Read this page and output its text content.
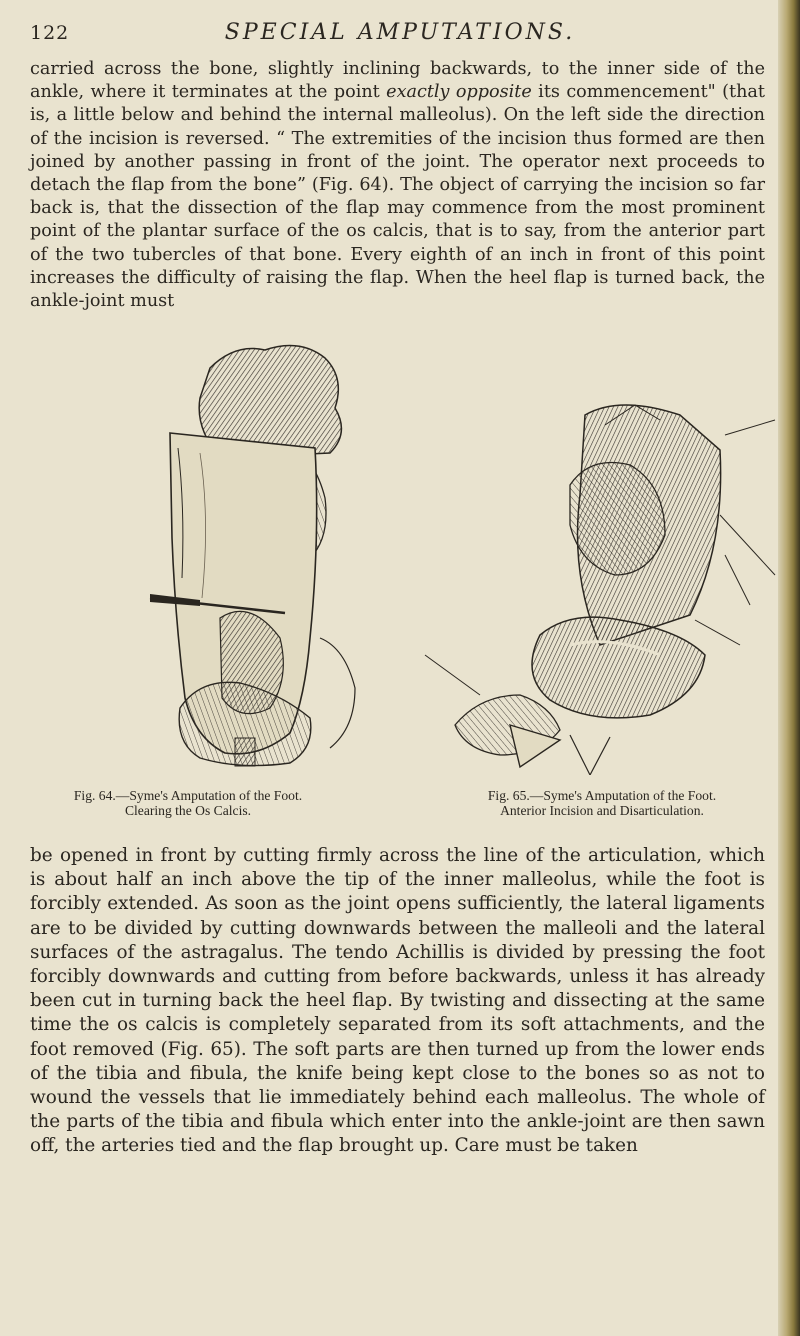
122	SPECIAL AMPUTATIONS.

carried across the bone, slightly inclining backwards, to the inner side of the ankle, where it terminates at the point exactly opposite its commencement" (that is, a little below and behind the internal malleolus). On the left side the direction of the incision is reversed. “ The extremities of the incision thus formed are then joined by another passing in front of the joint. The operator next proceeds to detach the flap from the bone” (Fig. 64). The object of carrying the incision so far back is, that the dissection of the flap may commence from the most prominent point of the plantar surface of the os calcis, that is to say, from the anterior part of the two tubercles of that bone. Every eighth of an inch in front of this point increases the difficulty of raising the flap. When the heel flap is turned back, the ankle-joint must

Fig. 64.—Syme's Amputation of the Foot.
Clearing the Os Calcis.
Fig. 65.—Syme's Amputation of the Foot.
Anterior Incision and Disarticulation.

be opened in front by cutting firmly across the line of the articulation, which is about half an inch above the tip of the inner malleolus, while the foot is forcibly extended. As soon as the joint opens sufficiently, the lateral ligaments are to be divided by cutting downwards between the malleoli and the lateral surfaces of the astragalus. The tendo Achillis is divided by pressing the foot forcibly downwards and cutting from before backwards, unless it has already been cut in turning back the heel flap. By twisting and dissecting at the same time the os calcis is completely separated from its soft attachments, and the foot removed (Fig. 65). The soft parts are then turned up from the lower ends of the tibia and fibula, the knife being kept close to the bones so as not to wound the vessels that lie immediately behind each malleolus. The whole of the parts of the tibia and fibula which enter into the ankle-joint are then sawn off, the arteries tied and the flap brought up. Care must be taken
